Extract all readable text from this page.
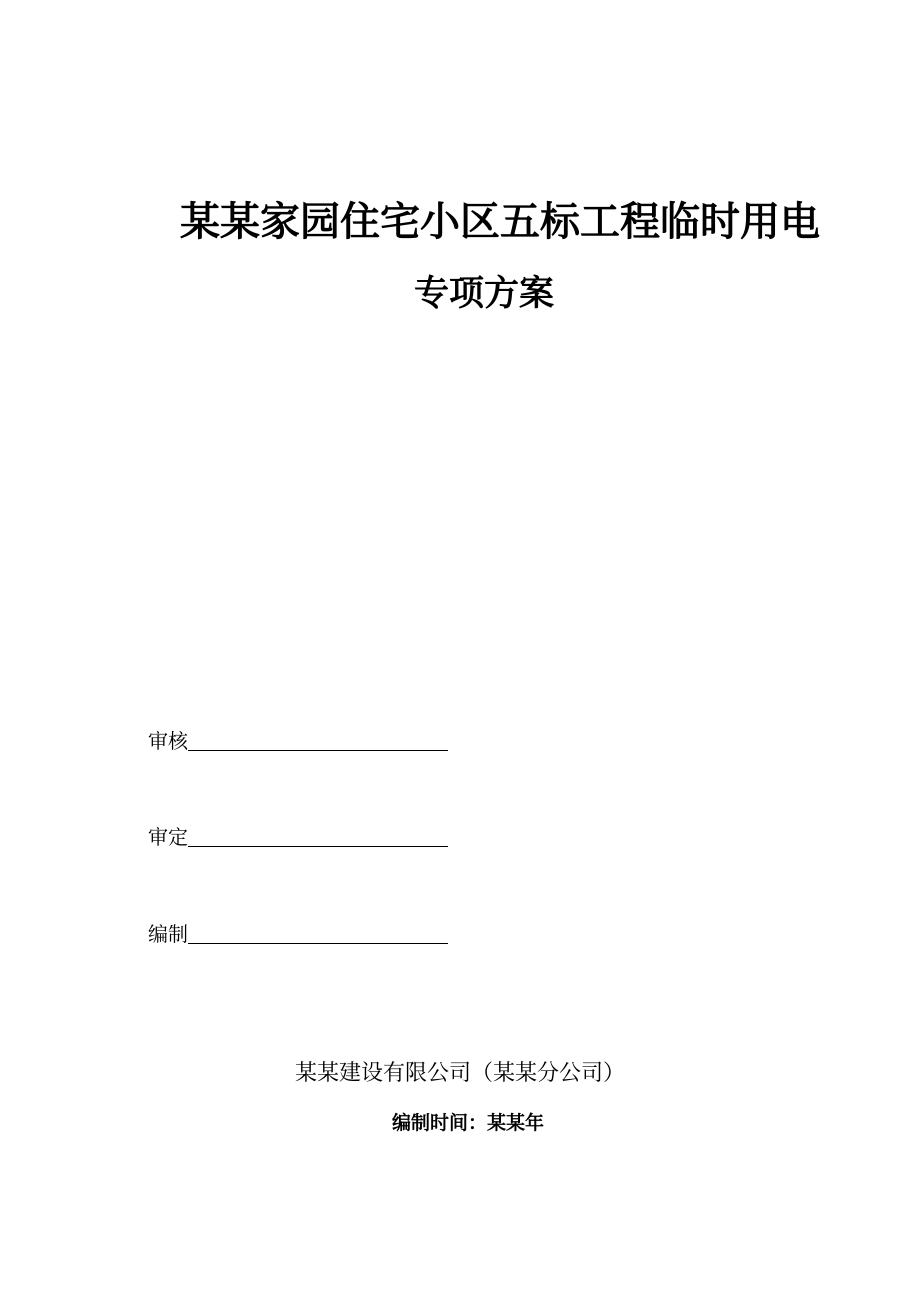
某某家园住宅小区五标工程临时用电
专项方案
审核
审定
编制
某某建设有限公司（某某分公司）
编制时间：某某年
